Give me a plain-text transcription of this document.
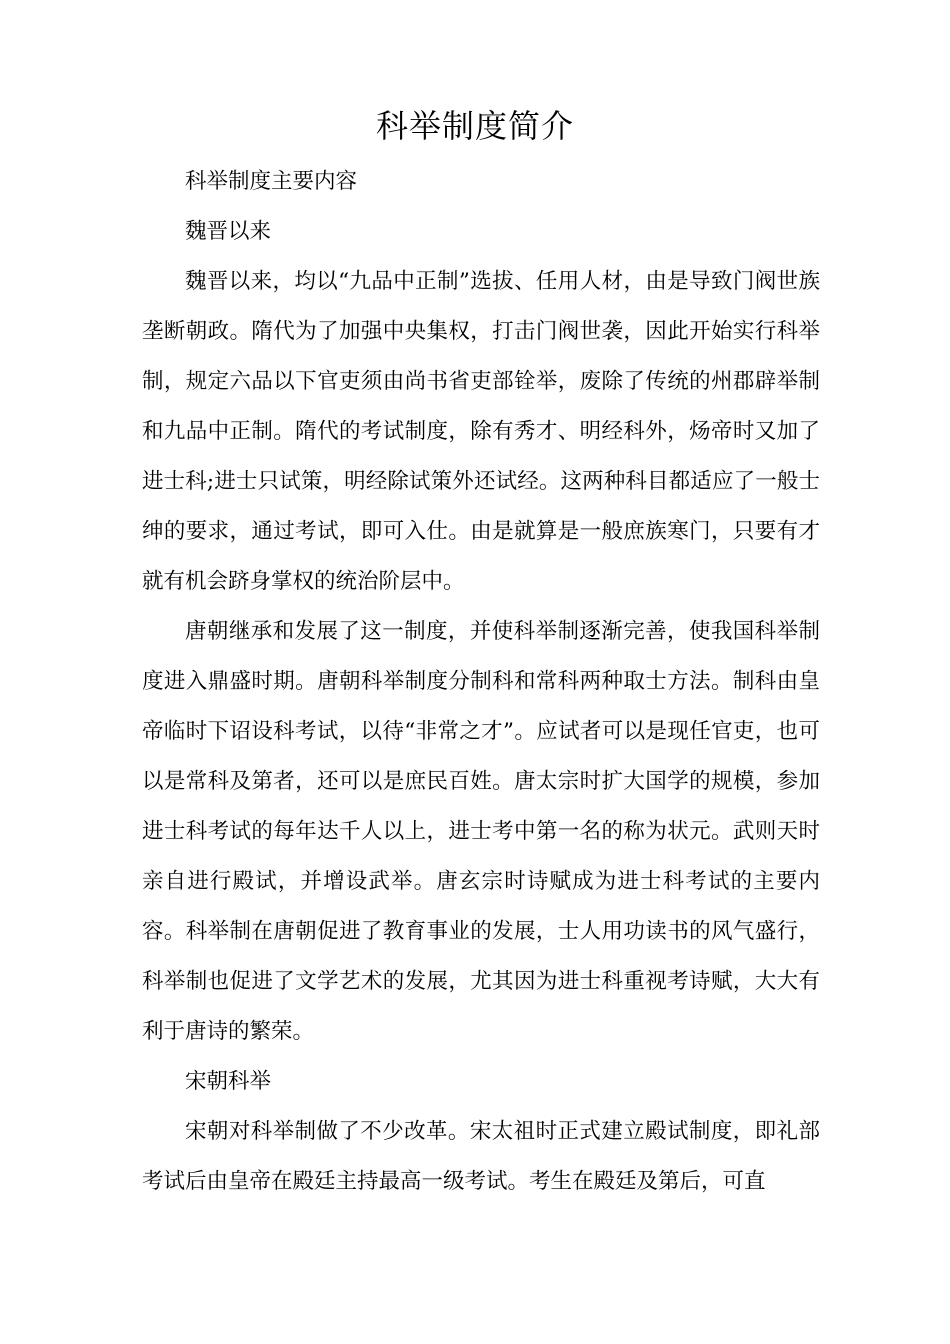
科举制度简介

科举制度主要内容

魏晋以来

魏晋以来，均以“九品中正制”选拔、任用人材，由是导致门阀世族垄断朝政。隋代为了加强中央集权，打击门阀世袭，因此开始实行科举制，规定六品以下官吏须由尚书省吏部铨举，废除了传统的州郡辟举制和九品中正制。隋代的考试制度，除有秀才、明经科外，炀帝时又加了进士科;进士只试策，明经除试策外还试经。这两种科目都适应了一般士绅的要求，通过考试，即可入仕。由是就算是一般庶族寒门，只要有才就有机会跻身掌权的统治阶层中。

唐朝继承和发展了这一制度，并使科举制逐渐完善，使我国科举制度进入鼎盛时期。唐朝科举制度分制科和常科两种取士方法。制科由皇帝临时下诏设科考试，以待“非常之才”。应试者可以是现任官吏，也可以是常科及第者，还可以是庶民百姓。唐太宗时扩大国学的规模，参加进士科考试的每年达千人以上，进士考中第一名的称为状元。武则天时亲自进行殿试，并增设武举。唐玄宗时诗赋成为进士科考试的主要内容。科举制在唐朝促进了教育事业的发展，士人用功读书的风气盛行，科举制也促进了文学艺术的发展，尤其因为进士科重视考诗赋，大大有利于唐诗的繁荣。

宋朝科举

宋朝对科举制做了不少改革。宋太祖时正式建立殿试制度，即礼部考试后由皇帝在殿廷主持最高一级考试。考生在殿廷及第后，可直
